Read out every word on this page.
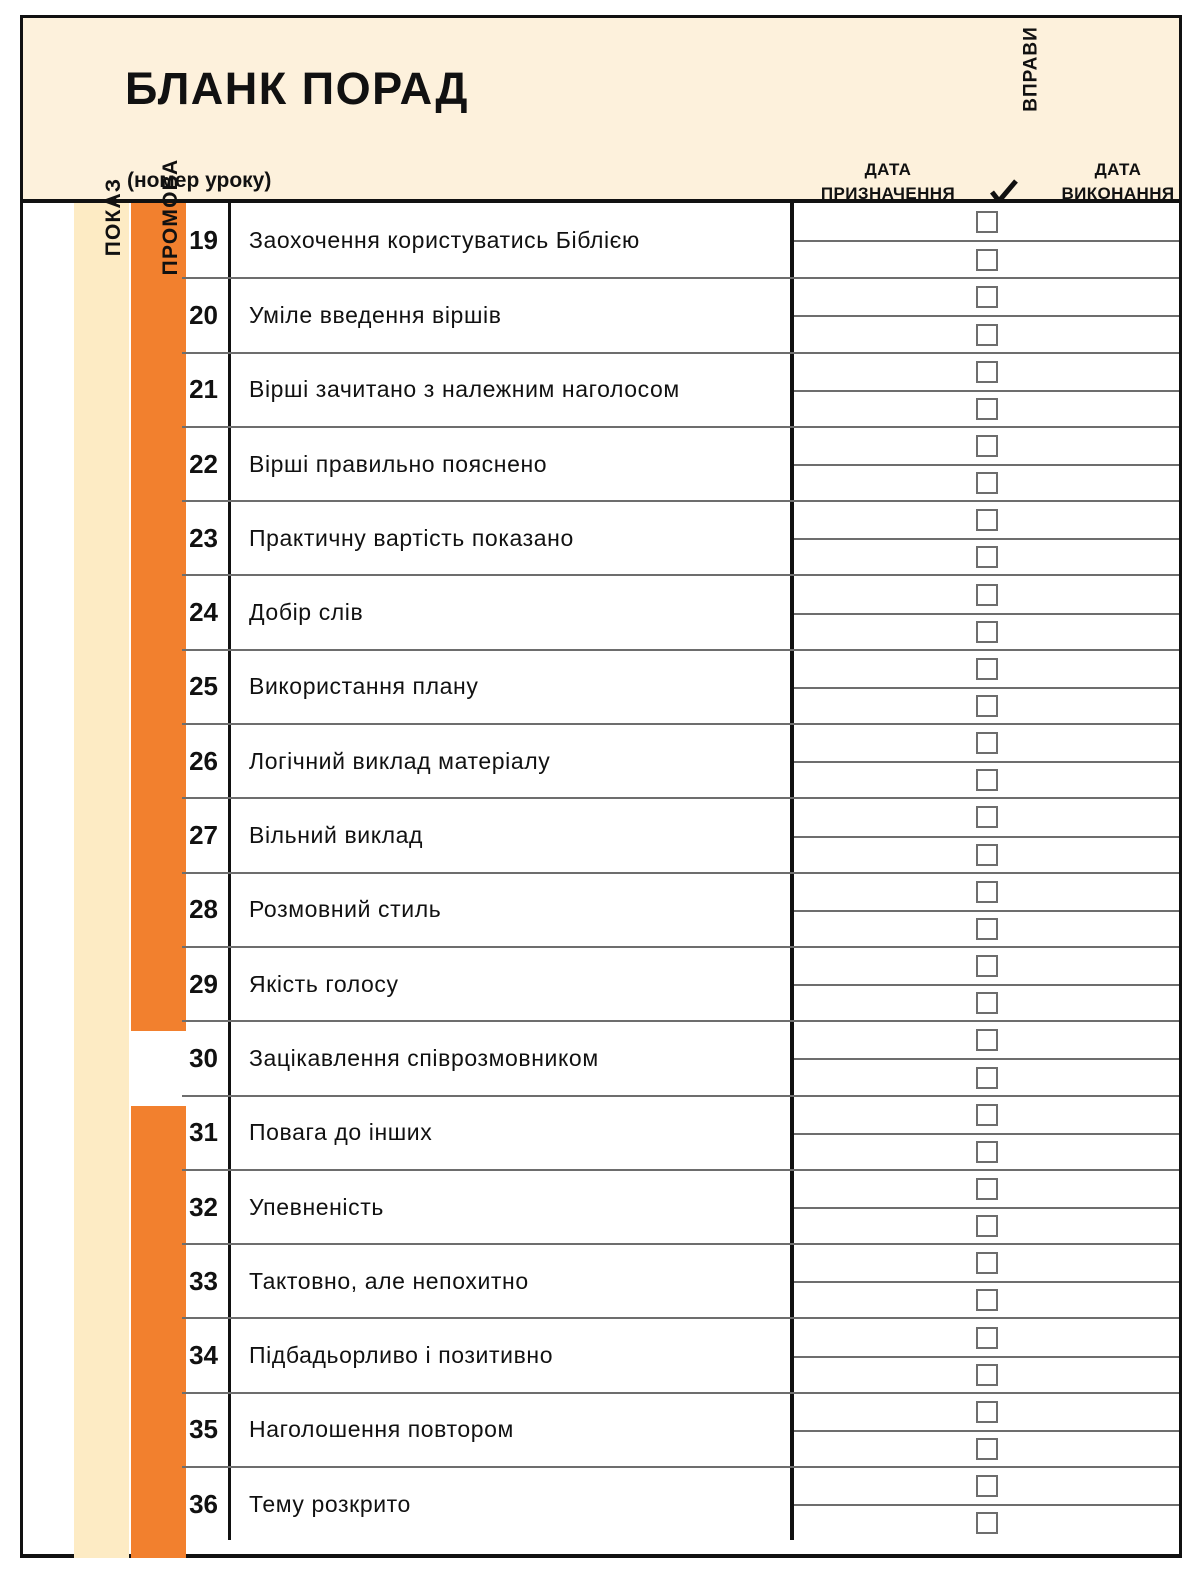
БЛАНК ПОРАД
(номер уроку)	ДАТА
ПРИЗНАЧЕННЯ
ВПРАВИ
ДАТА
ВИКОНАННЯ
ПОКАЗ ПРОМОВА 19	Заохочення користуватись Біблією
20	Уміле введення віршів
21	Вірші зачитано з належним наголосом
22	Вірші правильно пояснено
23	Практичну вартість показано
24	Добір слів
25	Використання плану
26	Логічний виклад матеріалу
27	Вільний виклад
28	Розмовний стиль
29	Якість голосу
30	Зацікавлення співрозмовником
31	Повага до інших
32	Упевненість
33	Тактовно, але непохитно
34	Підбадьорливо і позитивно
35	Наголошення повтором
36	Тему розкрито
